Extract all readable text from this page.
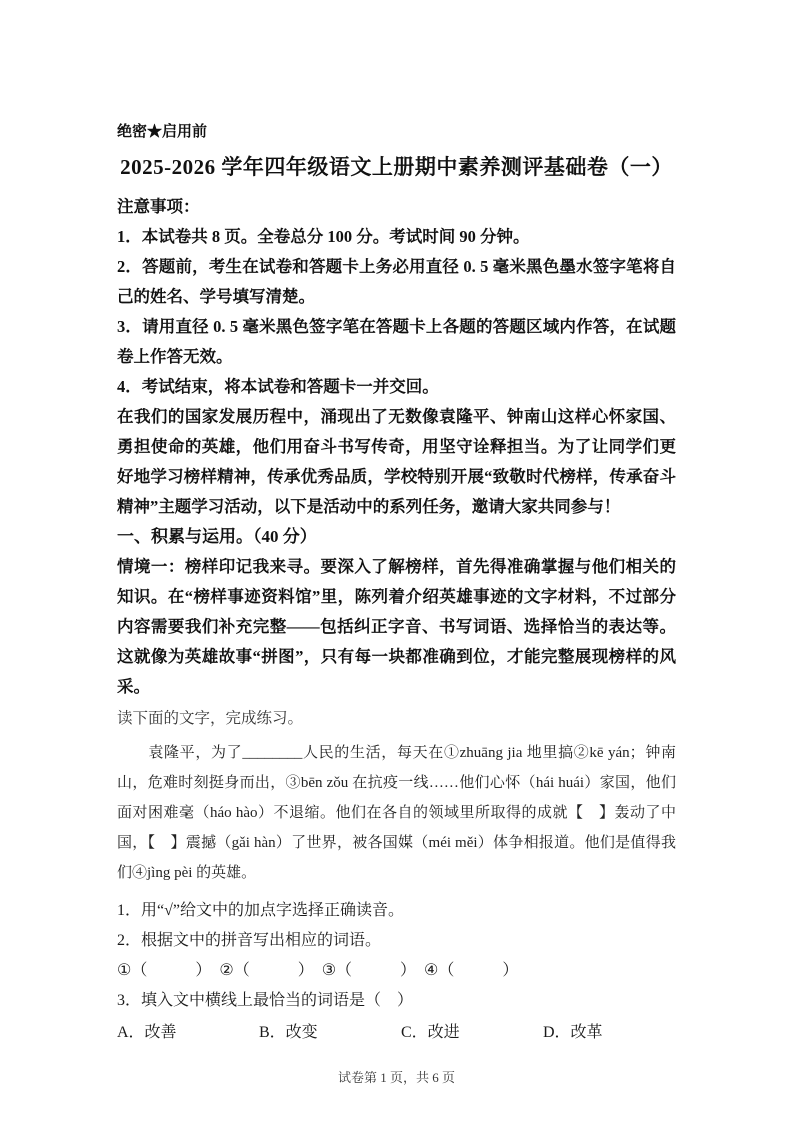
绝密★启用前
2025-2026 学年四年级语文上册期中素养测评基础卷（一）
注意事项：

1．本试卷共 8 页。全卷总分 100 分。考试时间 90 分钟。

2．答题前，考生在试卷和答题卡上务必用直径 0. 5 毫米黑色墨水签字笔将自己的姓名、学号填写清楚。

3．请用直径 0. 5 毫米黑色签字笔在答题卡上各题的答题区域内作答，在试题卷上作答无效。

4．考试结束，将本试卷和答题卡一并交回。

在我们的国家发展历程中，涌现出了无数像袁隆平、钟南山这样心怀家国、勇担使命的英雄，他们用奋斗书写传奇，用坚守诠释担当。为了让同学们更好地学习榜样精神，传承优秀品质，学校特别开展“致敬时代榜样，传承奋斗精神”主题学习活动，以下是活动中的系列任务，邀请大家共同参与！

一、积累与运用。（40 分）

情境一：榜样印记我来寻。要深入了解榜样，首先得准确掌握与他们相关的知识。在“榜样事迹资料馆”里，陈列着介绍英雄事迹的文字材料，不过部分内容需要我们补充完整——包括纠正字音、书写词语、选择恰当的表达等。这就像为英雄故事“拼图”，只有每一块都准确到位，才能完整展现榜样的风采。

读下面的文字，完成练习。

　　袁隆平，为了________人民的生活，每天在①zhuāng jia 地里搞②kē yán；钟南山，危难时刻挺身而出，③bēn zǒu 在抗疫一线……他们心怀 ●（hái huái）家国，他们面对困难毫 ●（háo hào）不退缩。他们在各自的领域里所取得的成就【　】轰动了中国，【　】震撼 ●（gǎi hàn）了世界，被各国媒 ●（méi měi）体争相报道。他们是值得我们④jìng pèi 的英雄。

1．用“√”给文中的加点字选择正确读音。

2．根据文中的拼音写出相应的词语。

①（　　　）　②（　　　）　③（　　　）　④（　　　）

3．填入文中横线上最恰当的词语是（　）

A．改善	B．改变	C．改进	D．改革
试卷第 1 页，共 6 页
